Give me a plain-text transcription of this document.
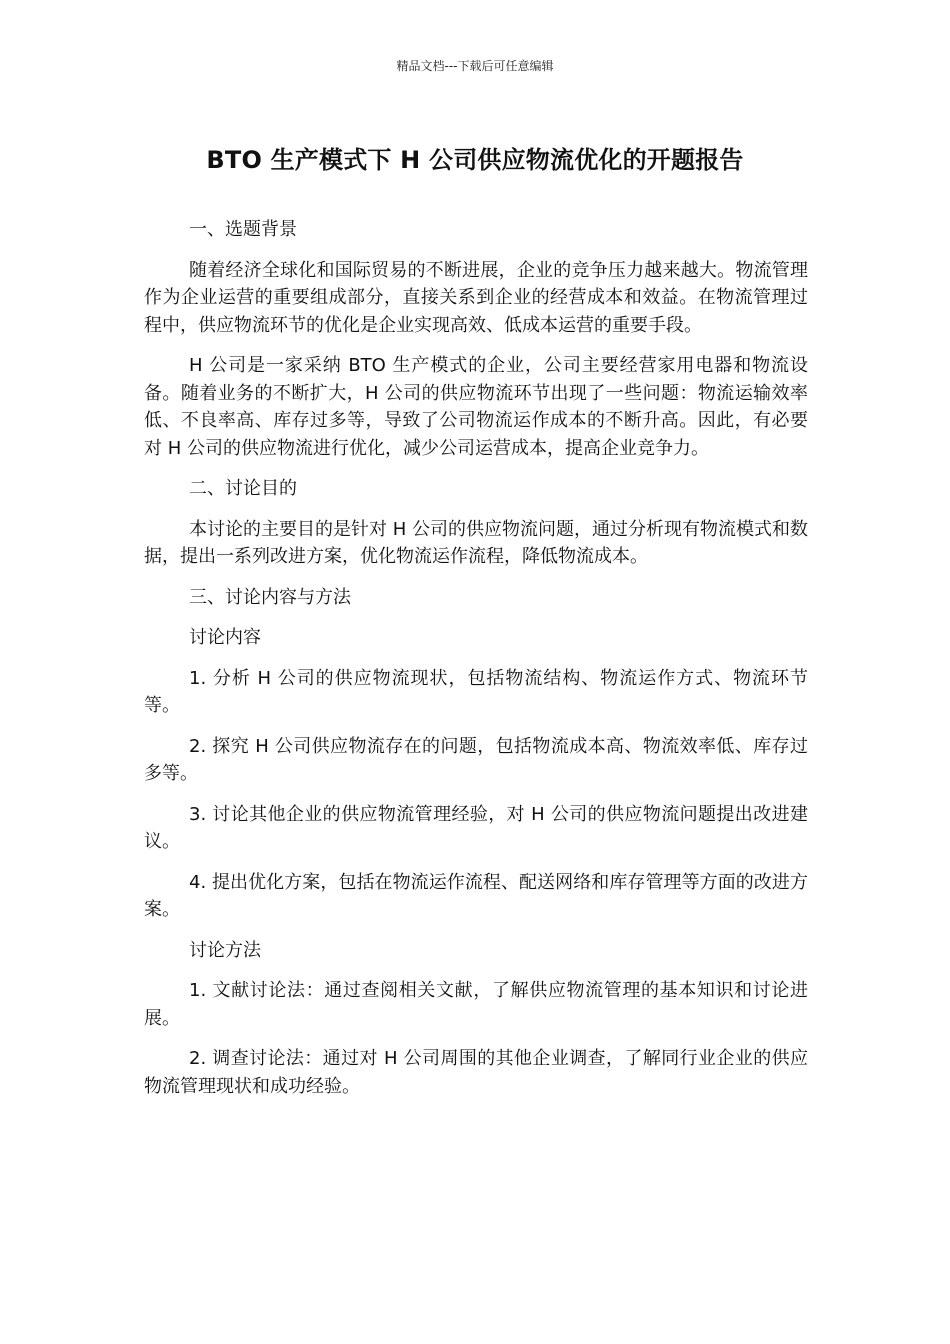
精品文档---下载后可任意编辑
BTO 生产模式下 H 公司供应物流优化的开题报告

一、选题背景

随着经济全球化和国际贸易的不断进展，企业的竞争压力越来越大。物流管理作为企业运营的重要组成部分，直接关系到企业的经营成本和效益。在物流管理过程中，供应物流环节的优化是企业实现高效、低成本运营的重要手段。

H 公司是一家采纳 BTO 生产模式的企业，公司主要经营家用电器和物流设备。随着业务的不断扩大，H 公司的供应物流环节出现了一些问题：物流运输效率低、不良率高、库存过多等，导致了公司物流运作成本的不断升高。因此，有必要对 H 公司的供应物流进行优化，减少公司运营成本，提高企业竞争力。

二、讨论目的

本讨论的主要目的是针对 H 公司的供应物流问题，通过分析现有物流模式和数据，提出一系列改进方案，优化物流运作流程，降低物流成本。

三、讨论内容与方法

讨论内容

1. 分析 H 公司的供应物流现状，包括物流结构、物流运作方式、物流环节等。

2. 探究 H 公司供应物流存在的问题，包括物流成本高、物流效率低、库存过多等。

3. 讨论其他企业的供应物流管理经验，对 H 公司的供应物流问题提出改进建议。

4. 提出优化方案，包括在物流运作流程、配送网络和库存管理等方面的改进方案。

讨论方法

1. 文献讨论法：通过查阅相关文献，了解供应物流管理的基本知识和讨论进展。

2. 调查讨论法：通过对 H 公司周围的其他企业调查，了解同行业企业的供应物流管理现状和成功经验。
